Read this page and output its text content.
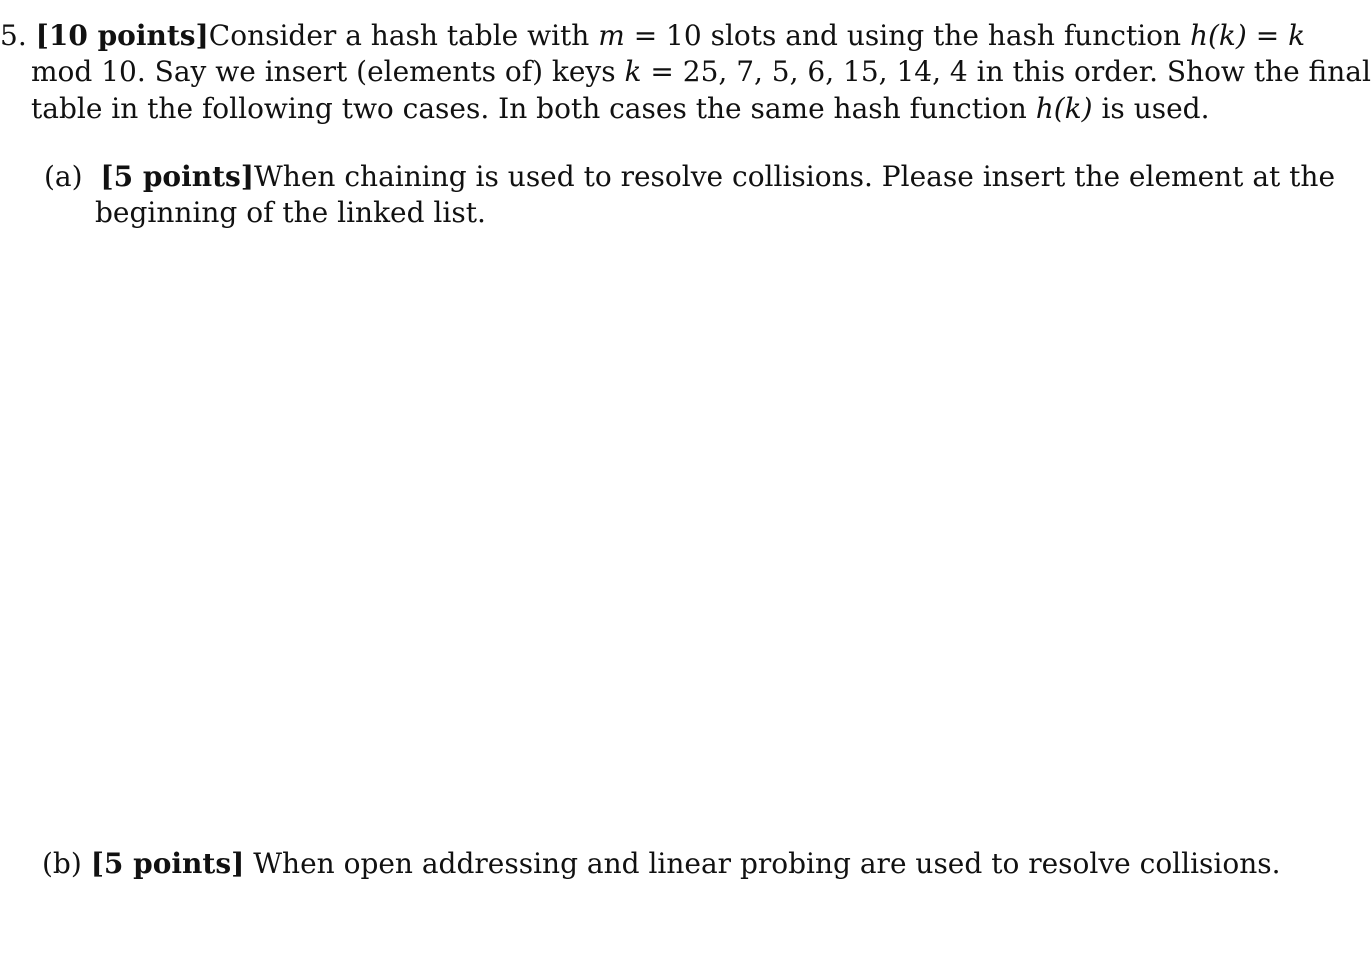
5. [10 points] Consider a hash table with m = 10 slots and using the hash function h(k) = k
mod 10. Say we insert (elements of) keys k = 25, 7, 5, 6, 15, 14, 4 in this order. Show the final
table in the following two cases. In both cases the same hash function h(k) is used.
(a) [5 points] When chaining is used to resolve collisions. Please insert the element at the
beginning of the linked list.
(b) [5 points] When open addressing and linear probing are used to resolve collisions.
